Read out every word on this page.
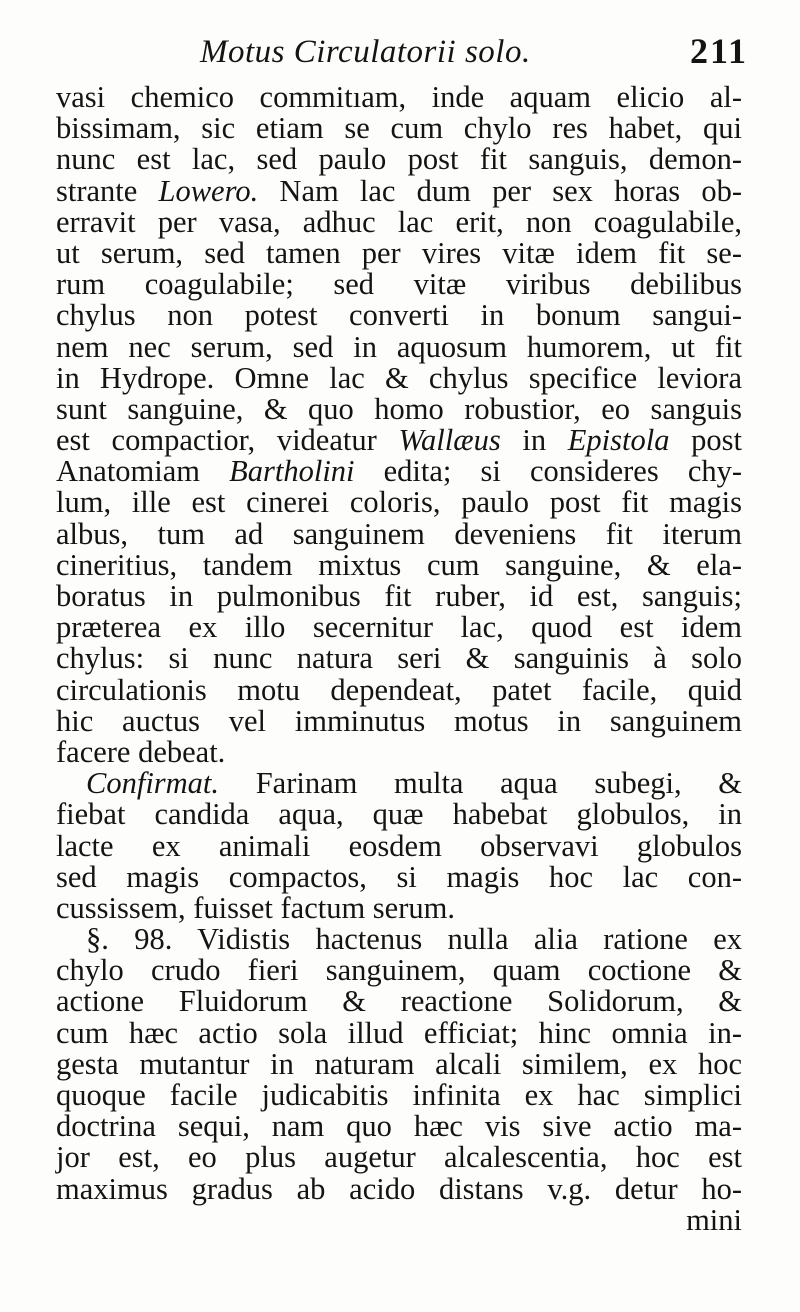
Motus Circulatorii solo.	211
vasi chemico commitıam, inde aquam elicio al-
bissimam, sic etiam se cum chylo res habet, qui
nunc est lac, sed paulo post fit sanguis, demon-
strante Lowero. Nam lac dum per sex horas ob-
erravit per vasa, adhuc lac erit, non coagulabile,
ut serum, sed tamen per vires vitæ idem fit se-
rum coagulabile; sed vitæ viribus debilibus
chylus non potest converti in bonum sangui-
nem nec serum, sed in aquosum humorem, ut fit
in Hydrope. Omne lac & chylus specifice leviora
sunt sanguine, & quo homo robustior, eo sanguis
est compactior, videatur Wallæus in Epistola post
Anatomiam Bartholini edita; si consideres chy-
lum, ille est cinerei coloris, paulo post fit magis
albus, tum ad sanguinem deveniens fit iterum
cineritius, tandem mixtus cum sanguine, & ela-
boratus in pulmonibus fit ruber, id est, sanguis;
præterea ex illo secernitur lac, quod est idem
chylus: si nunc natura seri & sanguinis à solo
circulationis motu dependeat, patet facile, quid
hic auctus vel imminutus motus in sanguinem
facere debeat.
Confirmat. Farinam multa aqua subegi, &
fiebat candida aqua, quæ habebat globulos, in
lacte ex animali eosdem observavi globulos
sed magis compactos, si magis hoc lac con-
cussissem, fuisset factum serum.
§. 98. Vidistis hactenus nulla alia ratione ex
chylo crudo fieri sanguinem, quam coctione &
actione Fluidorum & reactione Solidorum, &
cum hæc actio sola illud efficiat; hinc omnia in-
gesta mutantur in naturam alcali similem, ex hoc
quoque facile judicabitis infinita ex hac simplici
doctrina sequi, nam quo hæc vis sive actio ma-
jor est, eo plus augetur alcalescentia, hoc est
maximus gradus ab acido distans v.g. detur ho-
mini
